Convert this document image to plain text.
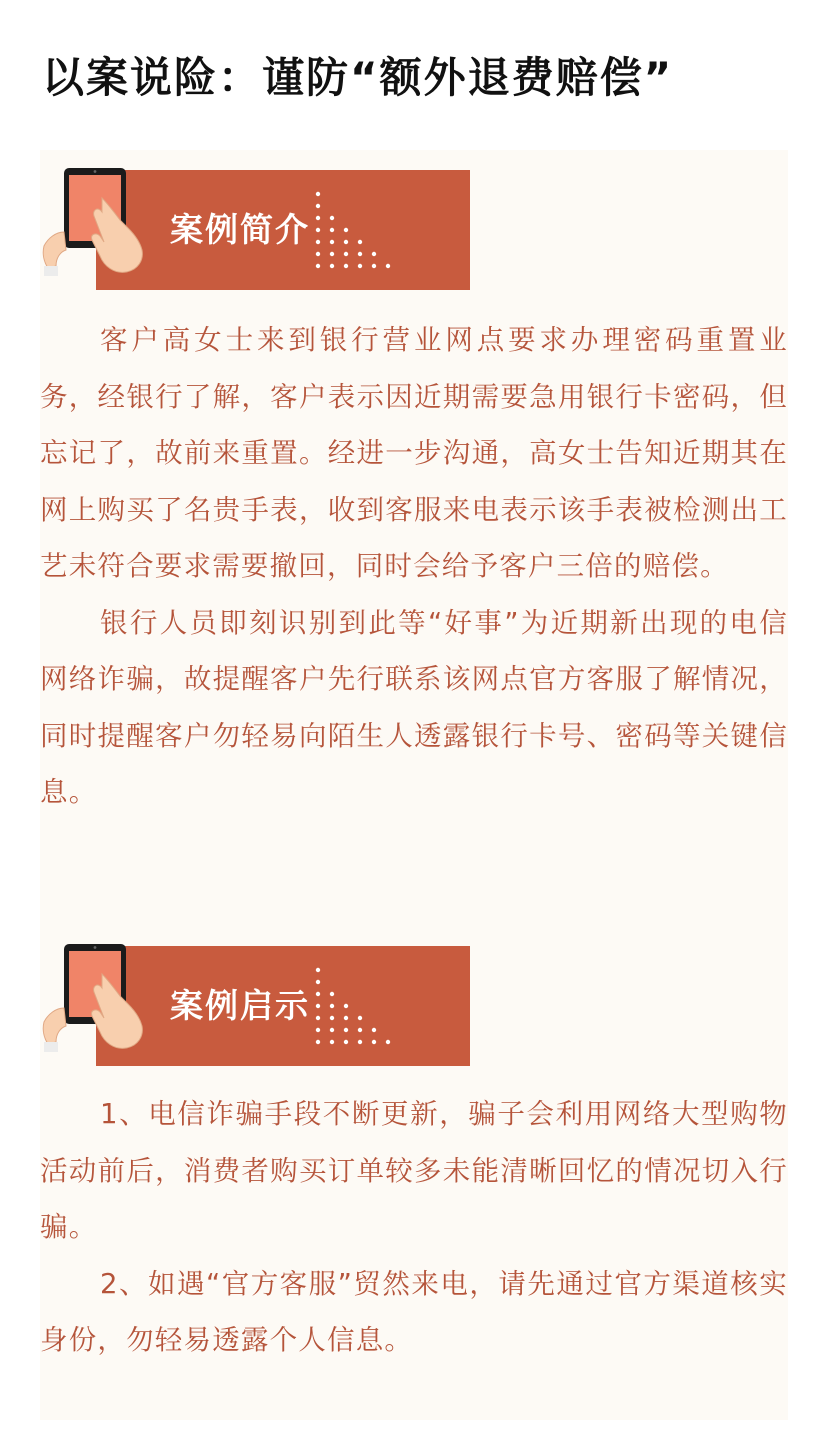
以案说险：谨防“额外退费赔偿”
案例简介

客户高女士来到银行营业网点要求办理密码重置业务，经银行了解，客户表示因近期需要急用银行卡密码，但忘记了，故前来重置。经进一步沟通，高女士告知近期其在网上购买了名贵手表，收到客服来电表示该手表被检测出工艺未符合要求需要撤回，同时会给予客户三倍的赔偿。

银行人员即刻识别到此等“好事”为近期新出现的电信网络诈骗，故提醒客户先行联系该网点官方客服了解情况，同时提醒客户勿轻易向陌生人透露银行卡号、密码等关键信息。

案例启示

1、电信诈骗手段不断更新，骗子会利用网络大型购物活动前后，消费者购买订单较多未能清晰回忆的情况切入行骗。

2、如遇“官方客服”贸然来电，请先通过官方渠道核实身份，勿轻易透露个人信息。
